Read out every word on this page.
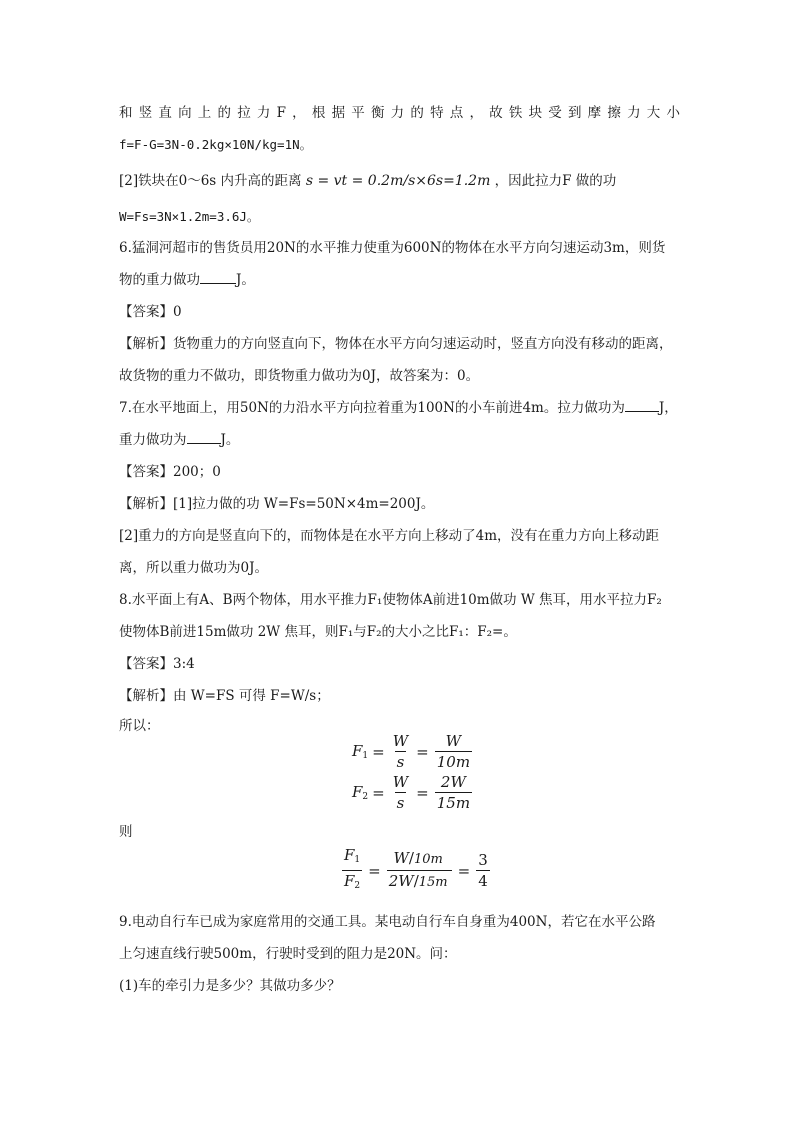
和竖直向上的拉力F，根据平衡力的特点，故铁块受到摩擦力大小
f=F-G=3N-0.2kg×10N/kg=1N。
[2]铁块在0～6s 内升高的距离 s = vt = 0.2m/s×6s=1.2m ，因此拉力F 做的功
W=Fs=3N×1.2m=3.6J。
6.猛洞河超市的售货员用20N的水平推力使重为600N的物体在水平方向匀速运动3m，则货
物的重力做功	J。
【答案】0
【解析】货物重力的方向竖直向下，物体在水平方向匀速运动时，竖直方向没有移动的距离，
故货物的重力不做功，即货物重力做功为0J，故答案为：0。
7.在水平地面上，用50N的力沿水平方向拉着重为100N的小车前进4m。拉力做功为	J，
重力做功为	J。
【答案】200；0
【解析】[1]拉力做的功 W=Fs=50N×4m=200J。
[2]重力的方向是竖直向下的，而物体是在水平方向上移动了4m，没有在重力方向上移动距
离，所以重力做功为0J。
8.水平面上有A、B两个物体，用水平推力F₁使物体A前进10m做功 W 焦耳，用水平拉力F₂
使物体B前进15m做功 2W 焦耳，则F₁与F₂的大小之比F₁：F₂=。
【答案】3:4
【解析】由 W=FS 可得 F=W/s；
所以：
$F_1 = \frac{W}{s} = \frac{W}{10m}$
$F_2 = \frac{W}{s} = \frac{2W}{15m}$
则
$\frac{F_1}{F_2} = \frac{W/10m}{2W/15m} = \frac{3}{4}$
9.电动自行车已成为家庭常用的交通工具。某电动自行车自身重为400N，若它在水平公路
上匀速直线行驶500m，行驶时受到的阻力是20N。问：
(1)车的牵引力是多少？其做功多少？
